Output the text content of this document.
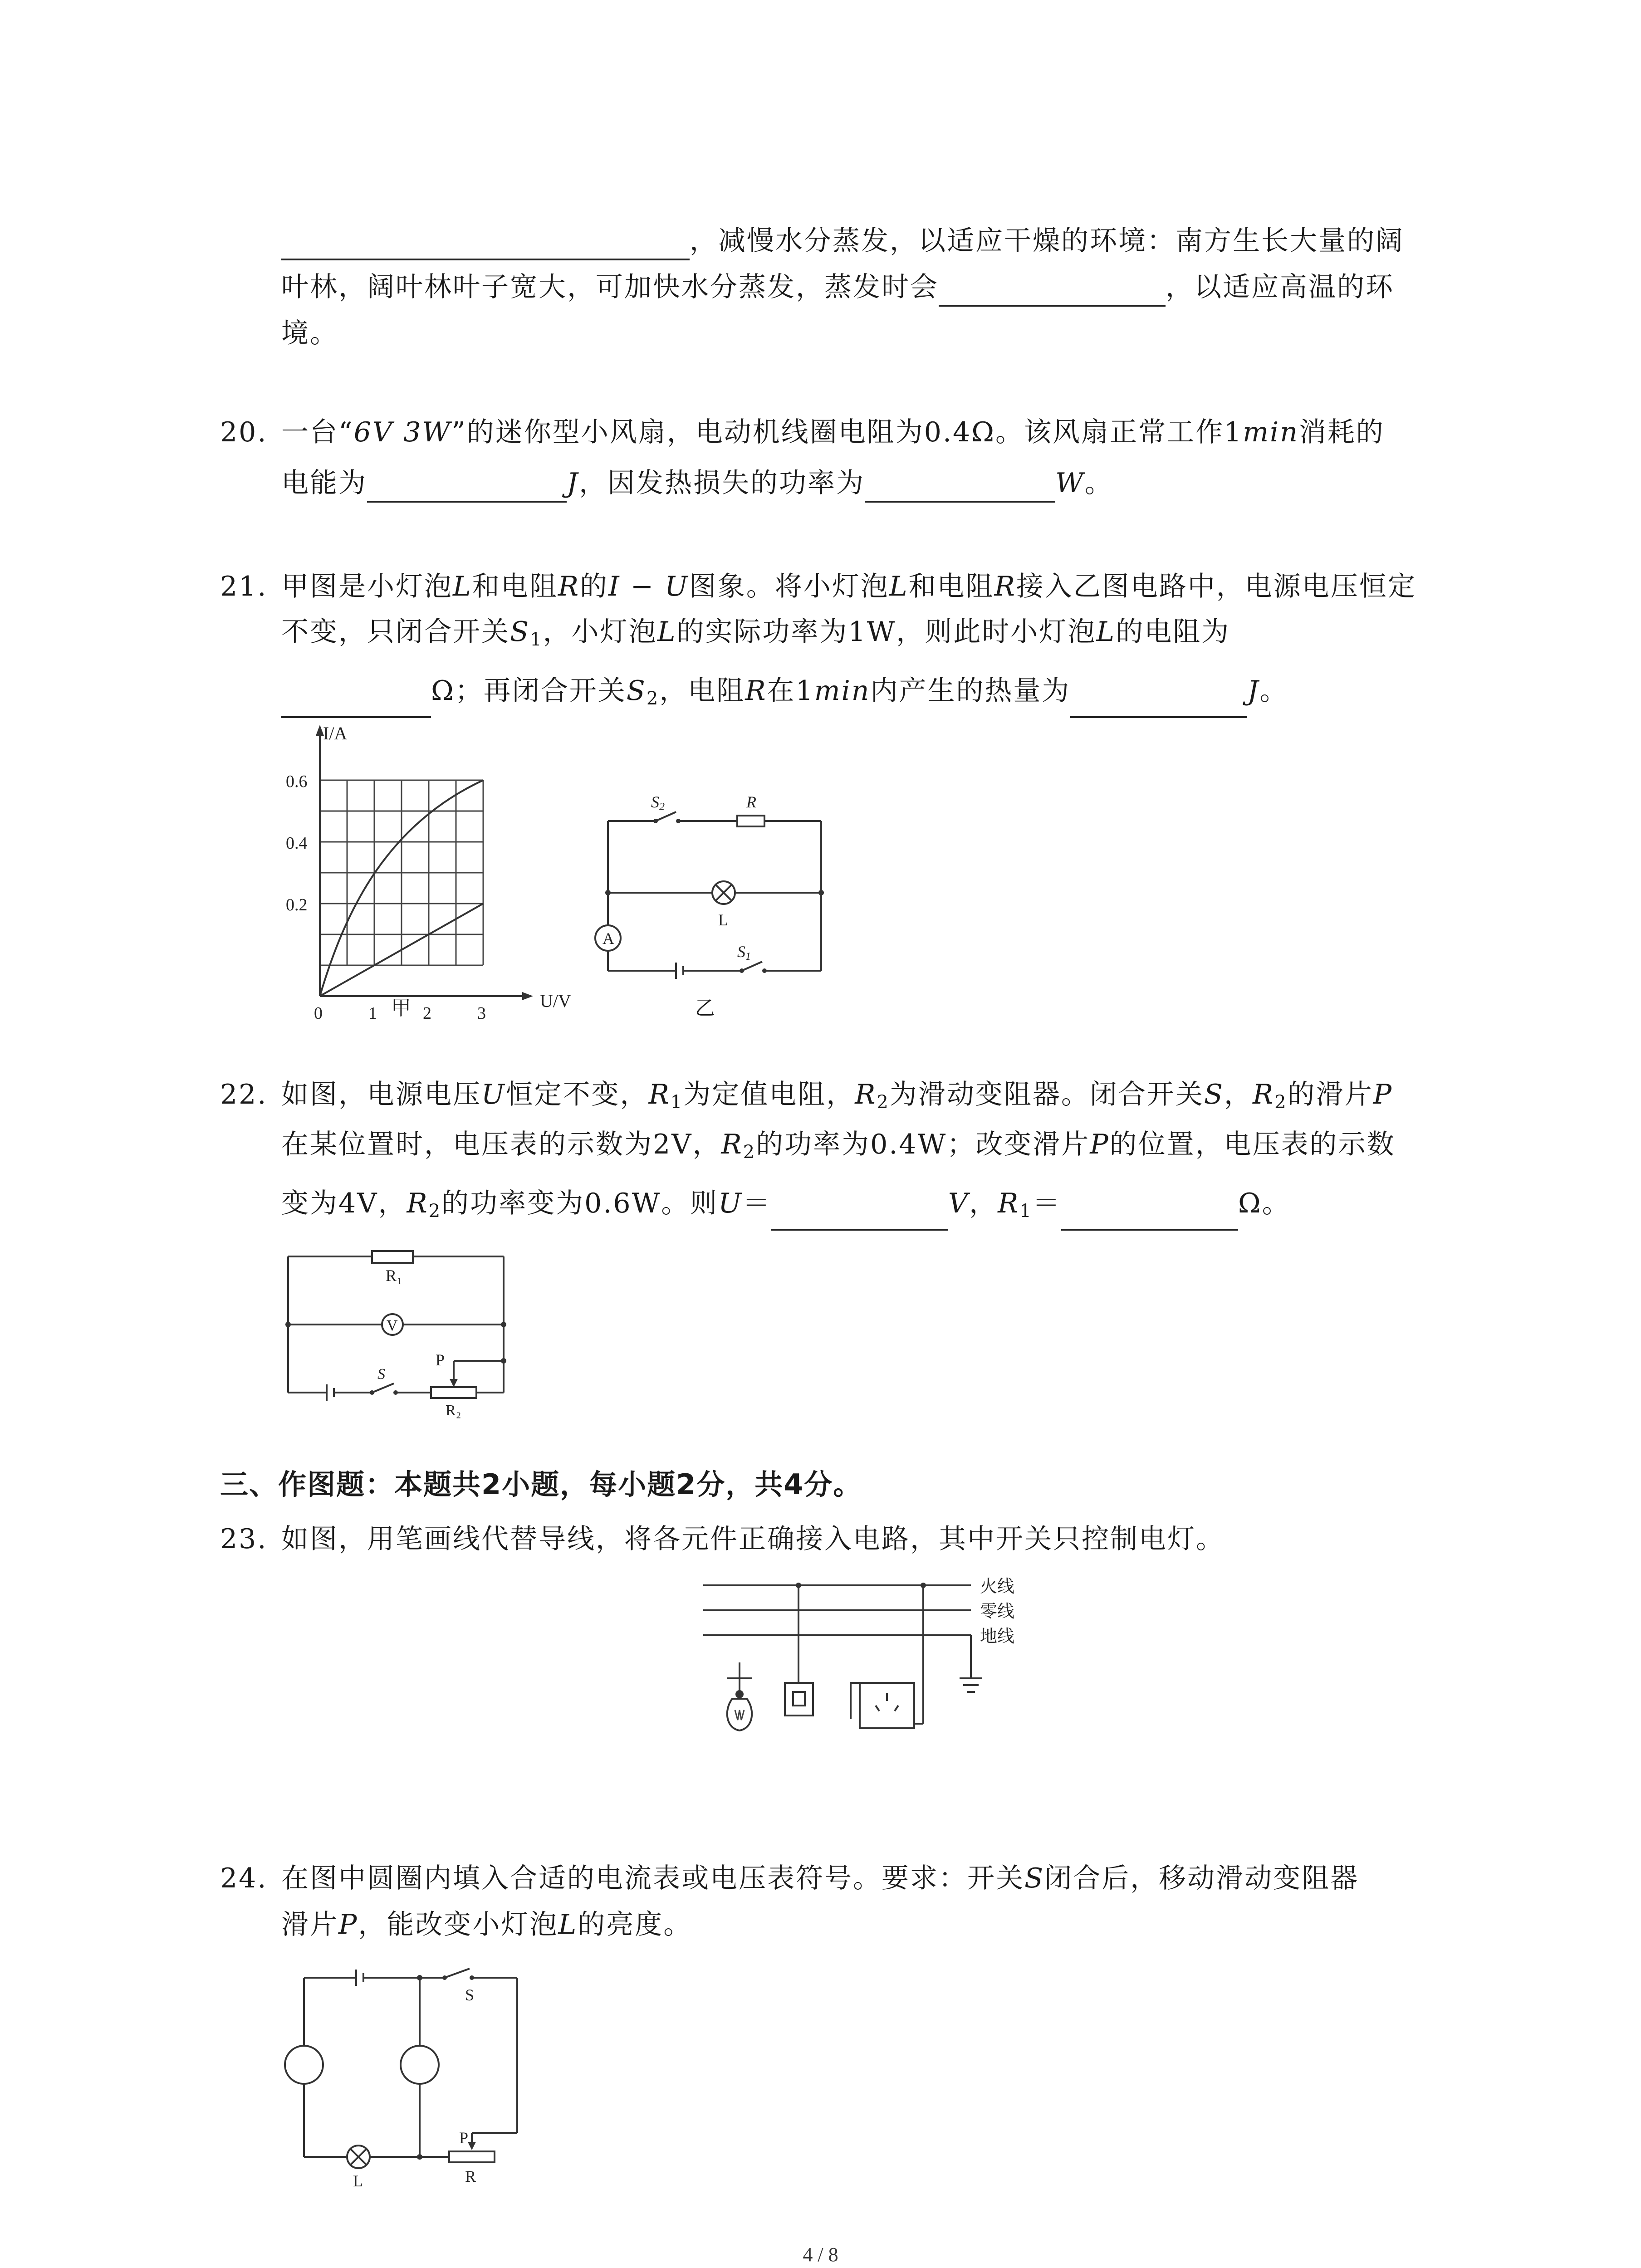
，减慢水分蒸发，以适应干燥的环境：南方生长大量的阔
叶林，阔叶林叶子宽大，可加快水分蒸发，蒸发时会	，以适应高温的环
境。
20. 一台“6V 3W”的迷你型小风扇，电动机线圈电阻为0.4Ω。该风扇正常工作1min消耗的
电能为	J，因发热损失的功率为	W。
21. 甲图是小灯泡L和电阻R的I − U图象。将小灯泡L和电阻R接入乙图电路中，电源电压恒定
不变，只闭合开关$S_1$，小灯泡L的实际功率为1W，则此时小灯泡L的电阻为
Ω；再闭合开关$S_2$，电阻R在1min内产生的热量为	J。
I/A
U/V
0.6
0.4
0.2
0	1	2	3
甲
S2	R
A
L
S1
乙
22. 如图，电源电压U恒定不变，$R_1$为定值电阻，$R_2$为滑动变阻器。闭合开关S，$R_2$的滑片P
在某位置时，电压表的示数为2V，$R_2$的功率为0.4W；改变滑片P的位置，电压表的示数
变为4V，$R_2$的功率变为0.6W。则U＝	V，$R_1=$	Ω。
R₁
V
S
P
R₂
三、作图题：本题共2小题，每小题2分，共4分。
23. 如图，用笔画线代替导线，将各元件正确接入电路，其中开关只控制电灯。
火线
零线
地线
24. 在图中圆圈内填入合适的电流表或电压表符号。要求：开关S闭合后，移动滑动变阻器
滑片P，能改变小灯泡L的亮度。
S
P
L	R
4 / 8
